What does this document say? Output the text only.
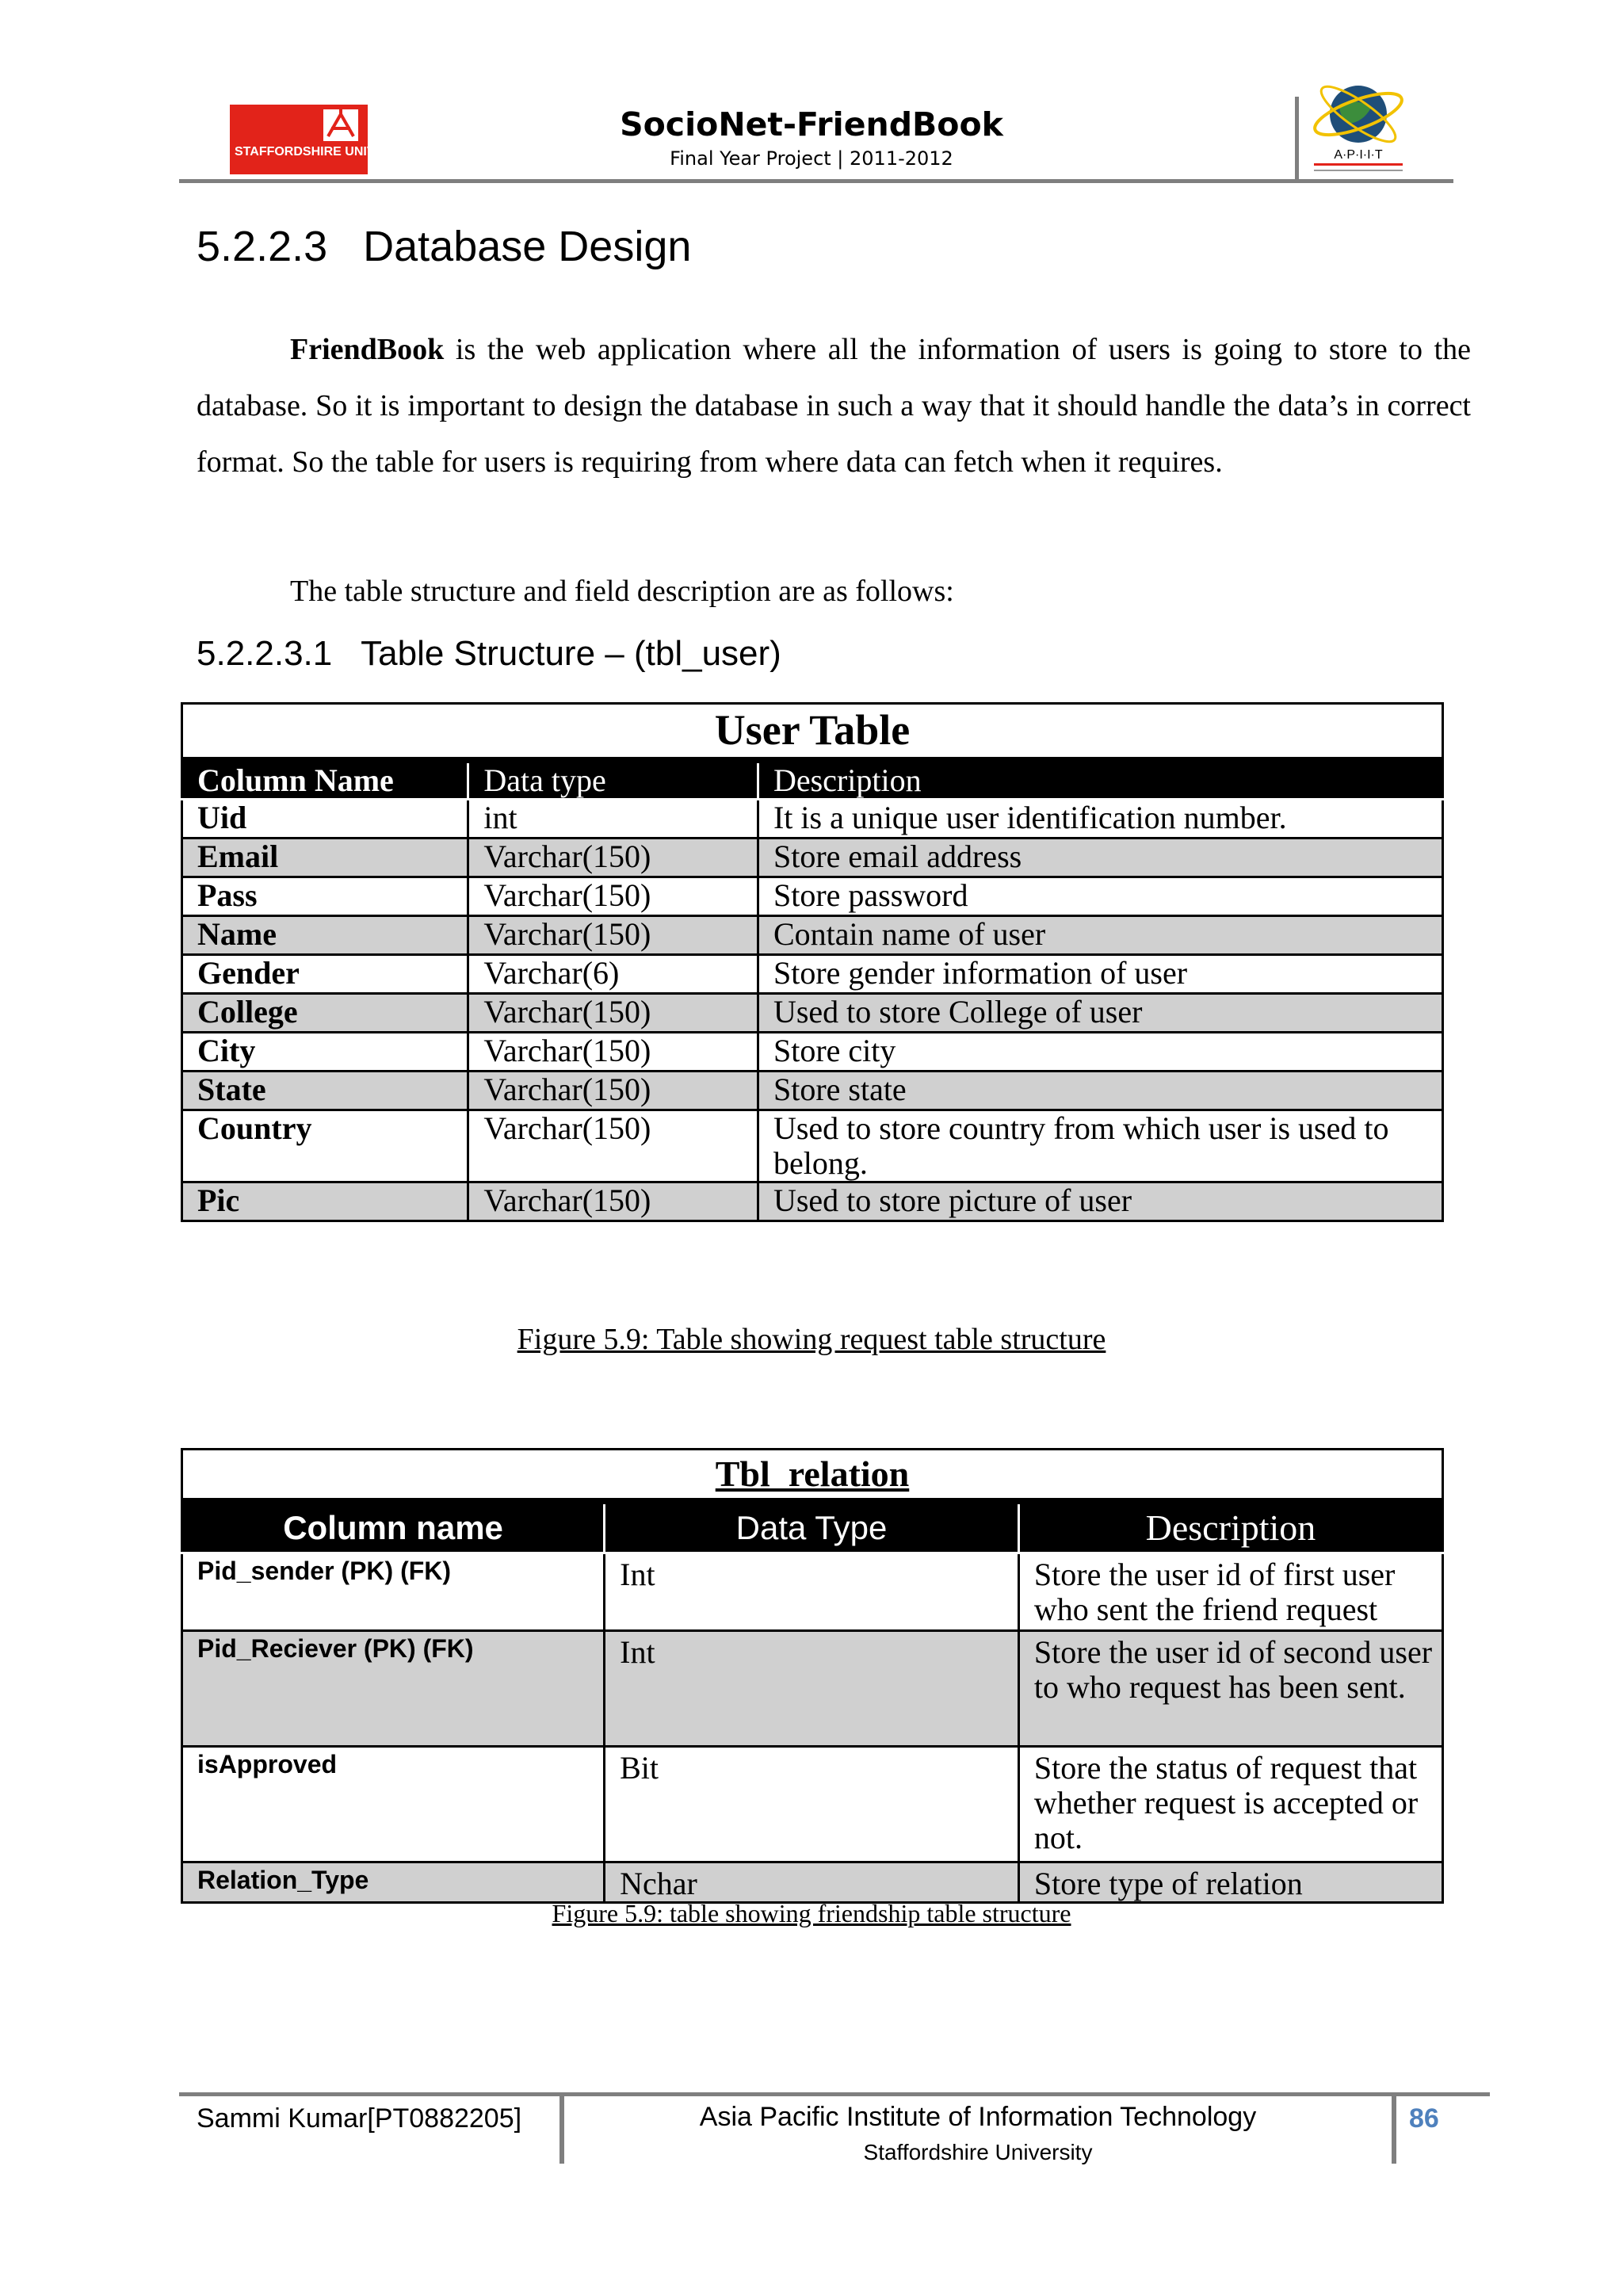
STAFFORDSHIRE UNIVERSITY
SocioNet-FriendBook
Final Year Project | 2011-2012	A·P·I·I·T
5.2.2.3   Database Design

FriendBook is the web application where all the information of users is going to store to the database. So it is important to design the database in such a way that it should handle the data’s in correct format. So the table for users is requiring from where data can fetch when it requires.

The table structure and field description are as follows:
5.2.2.3.1   Table Structure – (tbl_user)
User Table		
Column Name	Data type	Description
Uid	int	It is a unique user identification number.
Email	Varchar(150)	Store email address
Pass	Varchar(150)	Store password
Name	Varchar(150)	Contain name of user
Gender	Varchar(6)	Store gender information of user
College	Varchar(150)	Used to store College of user
City	Varchar(150)	Store city
State	Varchar(150)	Store state
Country	Varchar(150)	Used to store country from which user is used to belong.
Pic	Varchar(150)	Used to store picture of user
Figure 5.9: Table showing request table structure
Tbl_relation		
Column name	Data Type	Description
Pid_sender (PK) (FK)	Int	Store the user id of first user who sent the friend request
Pid_Reciever (PK) (FK)	Int	Store the user id of second user to who request has been sent.
isApproved	Bit	Store the status of request that whether request is accepted or not.
Relation_Type	Nchar	Store type of relation
Figure 5.9: table showing friendship table structure
Sammi Kumar[PT0882205]	Asia Pacific Institute of Information Technology
Staffordshire University
86
